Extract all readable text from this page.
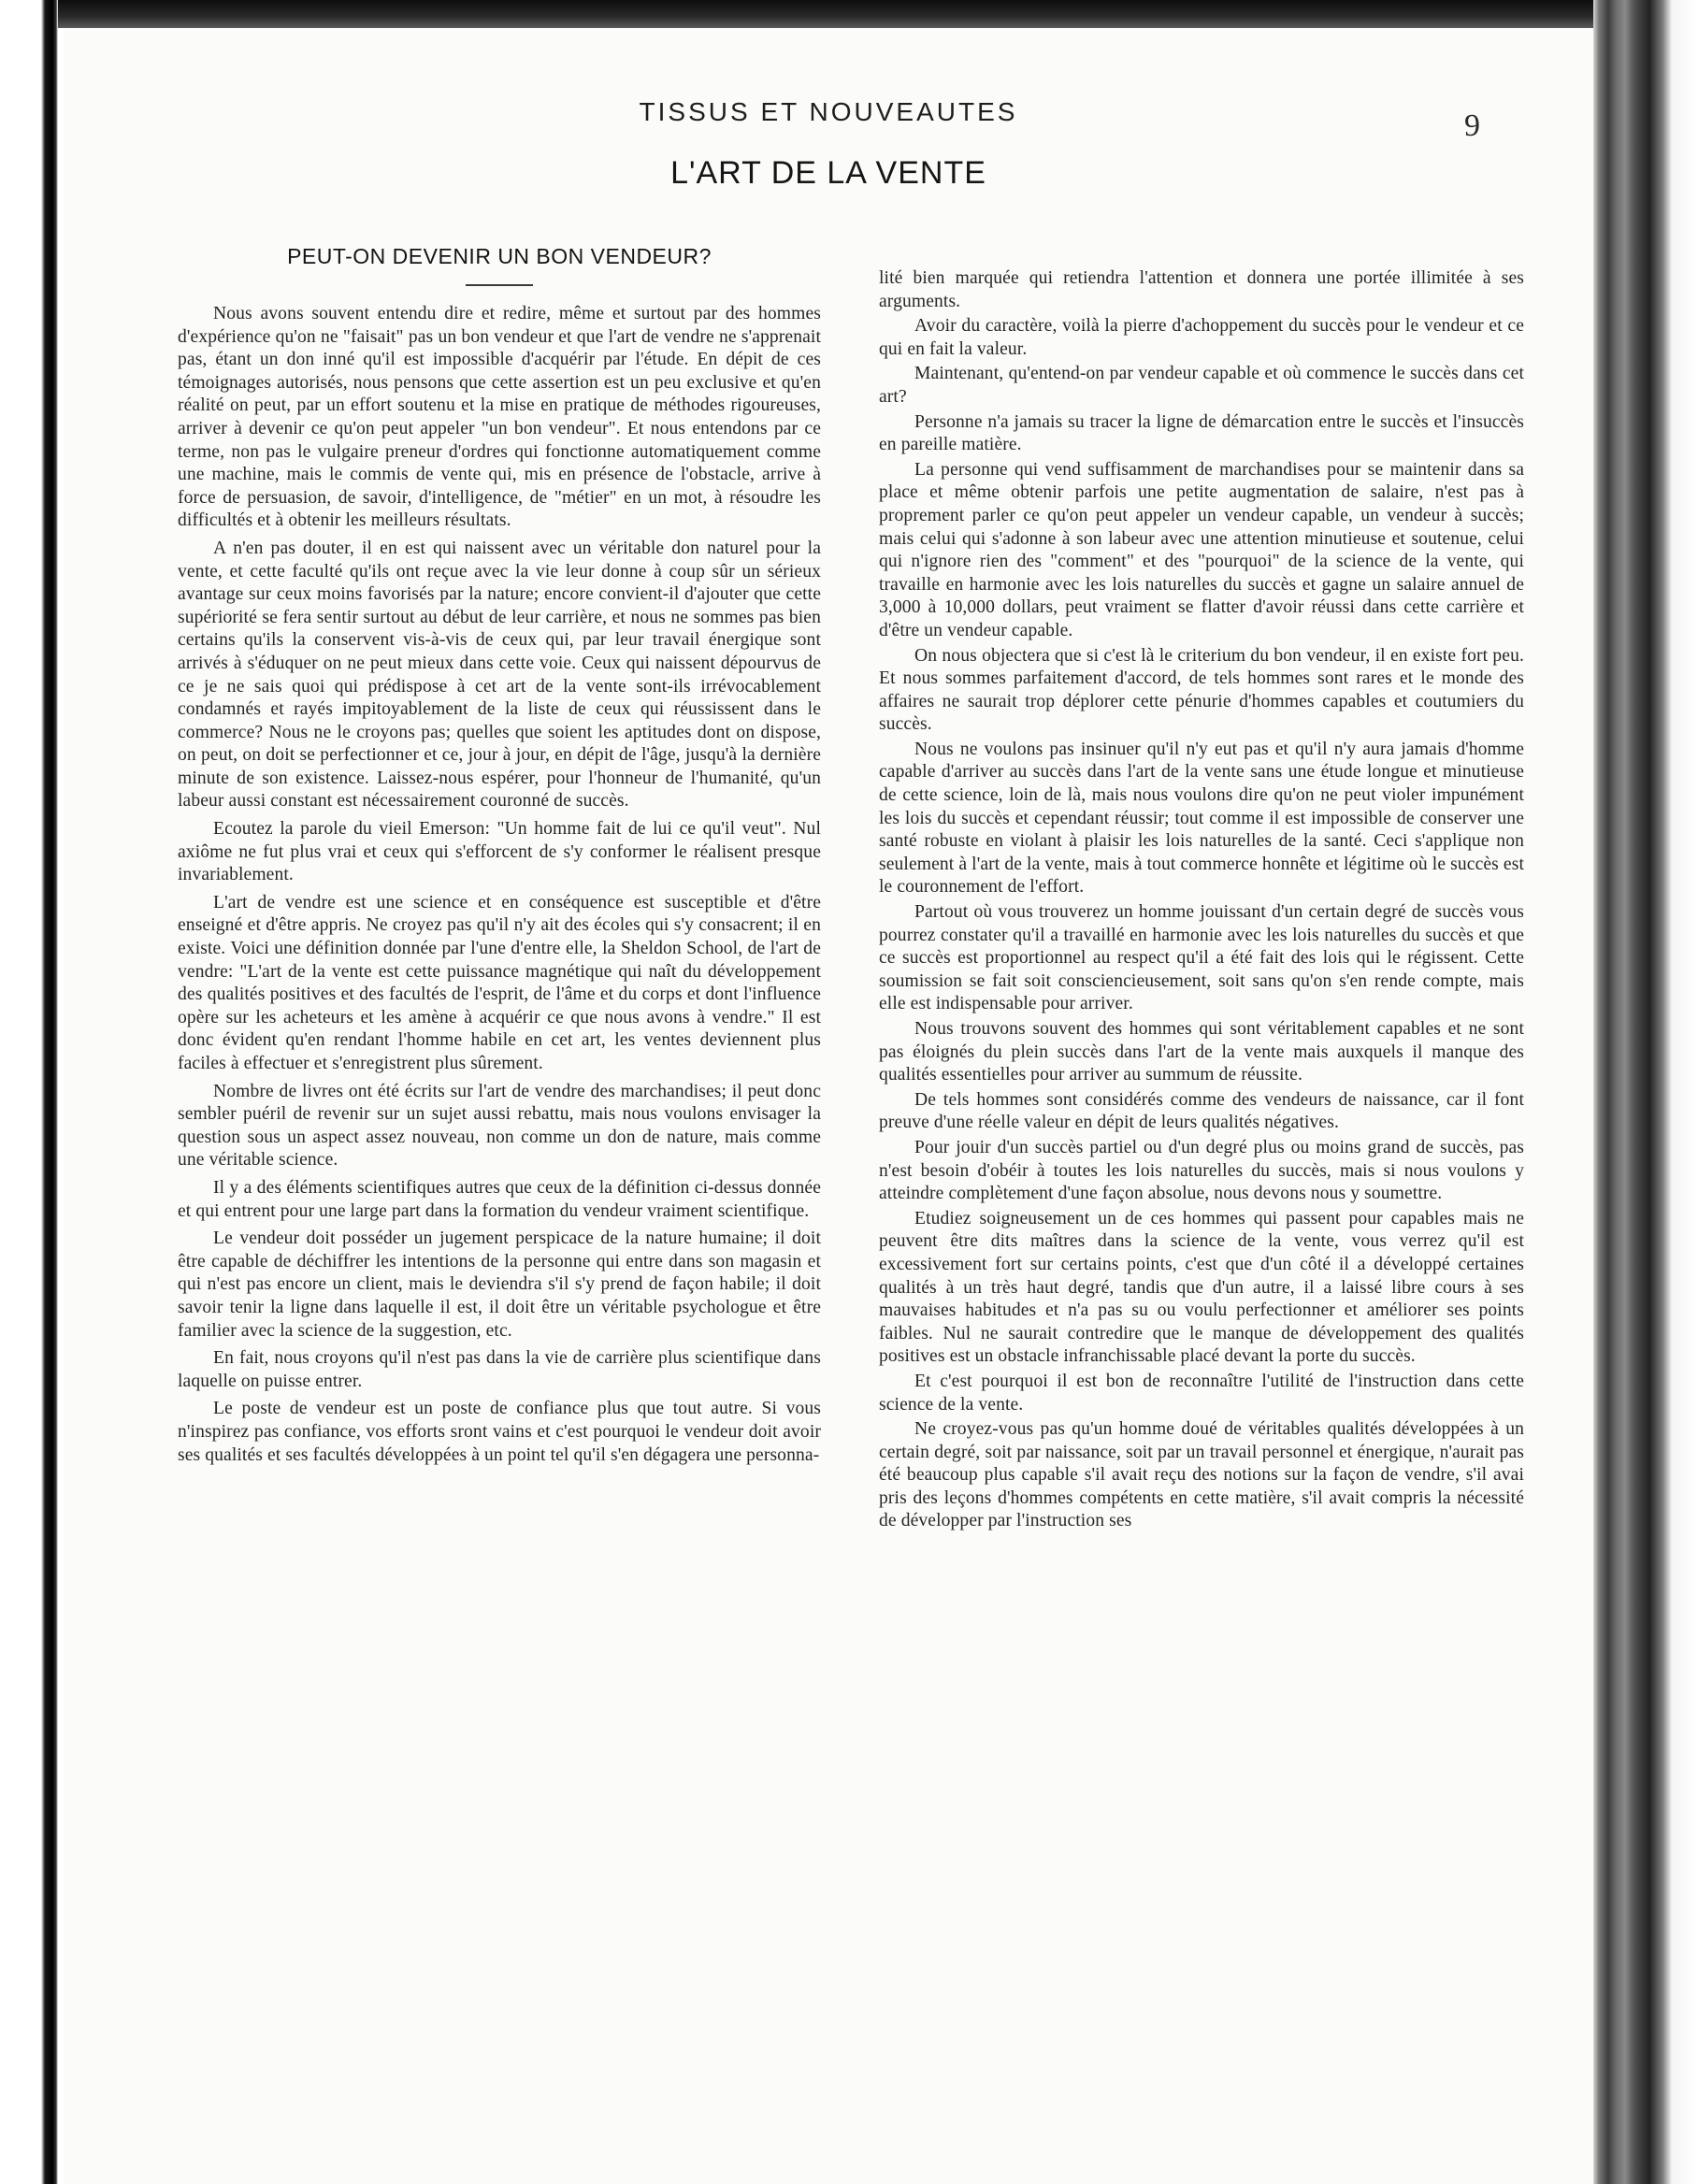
TISSUS ET NOUVEAUTES	9
L'ART DE LA VENTE
PEUT-ON DEVENIR UN BON VENDEUR?

Nous avons souvent entendu dire et redire, même et surtout par des hommes d'expérience qu'on ne "faisait" pas un bon vendeur et que l'art de vendre ne s'apprenait pas, étant un don inné qu'il est impossible d'acquérir par l'étude. En dépit de ces témoignages autorisés, nous pensons que cette assertion est un peu exclusive et qu'en réalité on peut, par un effort soutenu et la mise en pratique de méthodes rigoureuses, arriver à devenir ce qu'on peut appeler "un bon vendeur". Et nous entendons par ce terme, non pas le vulgaire preneur d'ordres qui fonctionne automatiquement comme une machine, mais le commis de vente qui, mis en présence de l'obstacle, arrive à force de persuasion, de savoir, d'intelligence, de "métier" en un mot, à résoudre les difficultés et à obtenir les meilleurs résultats.

A n'en pas douter, il en est qui naissent avec un véritable don naturel pour la vente, et cette faculté qu'ils ont reçue avec la vie leur donne à coup sûr un sérieux avantage sur ceux moins favorisés par la nature; encore convient-il d'ajouter que cette supériorité se fera sentir surtout au début de leur carrière, et nous ne sommes pas bien certains qu'ils la conservent vis-à-vis de ceux qui, par leur travail énergique sont arrivés à s'éduquer on ne peut mieux dans cette voie. Ceux qui naissent dépourvus de ce je ne sais quoi qui prédispose à cet art de la vente sont-ils irrévocablement condamnés et rayés impitoyablement de la liste de ceux qui réussissent dans le commerce? Nous ne le croyons pas; quelles que soient les aptitudes dont on dispose, on peut, on doit se perfectionner et ce, jour à jour, en dépit de l'âge, jusqu'à la dernière minute de son existence. Laissez-nous espérer, pour l'honneur de l'humanité, qu'un labeur aussi constant est nécessairement couronné de succès.

Ecoutez la parole du vieil Emerson: "Un homme fait de lui ce qu'il veut". Nul axiôme ne fut plus vrai et ceux qui s'efforcent de s'y conformer le réalisent presque invariablement.

L'art de vendre est une science et en conséquence est susceptible et d'être enseigné et d'être appris. Ne croyez pas qu'il n'y ait des écoles qui s'y consacrent; il en existe. Voici une définition donnée par l'une d'entre elle, la Sheldon School, de l'art de vendre: "L'art de la vente est cette puissance magnétique qui naît du développement des qualités positives et des facultés de l'esprit, de l'âme et du corps et dont l'influence opère sur les acheteurs et les amène à acquérir ce que nous avons à vendre." Il est donc évident qu'en rendant l'homme habile en cet art, les ventes deviennent plus faciles à effectuer et s'enregistrent plus sûrement.

Nombre de livres ont été écrits sur l'art de vendre des marchandises; il peut donc sembler puéril de revenir sur un sujet aussi rebattu, mais nous voulons envisager la question sous un aspect assez nouveau, non comme un don de nature, mais comme une véritable science.

Il y a des éléments scientifiques autres que ceux de la définition ci-dessus donnée et qui entrent pour une large part dans la formation du vendeur vraiment scientifique.

Le vendeur doit posséder un jugement perspicace de la nature humaine; il doit être capable de déchiffrer les intentions de la personne qui entre dans son magasin et qui n'est pas encore un client, mais le deviendra s'il s'y prend de façon habile; il doit savoir tenir la ligne dans laquelle il est, il doit être un véritable psychologue et être familier avec la science de la suggestion, etc.

En fait, nous croyons qu'il n'est pas dans la vie de carrière plus scientifique dans laquelle on puisse entrer.

Le poste de vendeur est un poste de confiance plus que tout autre. Si vous n'inspirez pas confiance, vos efforts sront vains et c'est pourquoi le vendeur doit avoir ses qualités et ses facultés développées à un point tel qu'il s'en dégagera une personna-

lité bien marquée qui retiendra l'attention et donnera une portée illimitée à ses arguments.

Avoir du caractère, voilà la pierre d'achoppement du succès pour le vendeur et ce qui en fait la valeur.

Maintenant, qu'entend-on par vendeur capable et où commence le succès dans cet art?

Personne n'a jamais su tracer la ligne de démarcation entre le succès et l'insuccès en pareille matière.

La personne qui vend suffisamment de marchandises pour se maintenir dans sa place et même obtenir parfois une petite augmentation de salaire, n'est pas à proprement parler ce qu'on peut appeler un vendeur capable, un vendeur à succès; mais celui qui s'adonne à son labeur avec une attention minutieuse et soutenue, celui qui n'ignore rien des "comment" et des "pourquoi" de la science de la vente, qui travaille en harmonie avec les lois naturelles du succès et gagne un salaire annuel de 3,000 à 10,000 dollars, peut vraiment se flatter d'avoir réussi dans cette carrière et d'être un vendeur capable.

On nous objectera que si c'est là le criterium du bon vendeur, il en existe fort peu. Et nous sommes parfaitement d'accord, de tels hommes sont rares et le monde des affaires ne saurait trop déplorer cette pénurie d'hommes capables et coutumiers du succès.

Nous ne voulons pas insinuer qu'il n'y eut pas et qu'il n'y aura jamais d'homme capable d'arriver au succès dans l'art de la vente sans une étude longue et minutieuse de cette science, loin de là, mais nous voulons dire qu'on ne peut violer impunément les lois du succès et cependant réussir; tout comme il est impossible de conserver une santé robuste en violant à plaisir les lois naturelles de la santé. Ceci s'applique non seulement à l'art de la vente, mais à tout commerce honnête et légitime où le succès est le couronnement de l'effort.

Partout où vous trouverez un homme jouissant d'un certain degré de succès vous pourrez constater qu'il a travaillé en harmonie avec les lois naturelles du succès et que ce succès est proportionnel au respect qu'il a été fait des lois qui le régissent. Cette soumission se fait soit consciencieusement, soit sans qu'on s'en rende compte, mais elle est indispensable pour arriver.

Nous trouvons souvent des hommes qui sont véritablement capables et ne sont pas éloignés du plein succès dans l'art de la vente mais auxquels il manque des qualités essentielles pour arriver au summum de réussite.

De tels hommes sont considérés comme des vendeurs de naissance, car il font preuve d'une réelle valeur en dépit de leurs qualités négatives.

Pour jouir d'un succès partiel ou d'un degré plus ou moins grand de succès, pas n'est besoin d'obéir à toutes les lois naturelles du succès, mais si nous voulons y atteindre complètement d'une façon absolue, nous devons nous y soumettre.

Etudiez soigneusement un de ces hommes qui passent pour capables mais ne peuvent être dits maîtres dans la science de la vente, vous verrez qu'il est excessivement fort sur certains points, c'est que d'un côté il a développé certaines qualités à un très haut degré, tandis que d'un autre, il a laissé libre cours à ses mauvaises habitudes et n'a pas su ou voulu perfectionner et améliorer ses points faibles. Nul ne saurait contredire que le manque de développement des qualités positives est un obstacle infranchissable placé devant la porte du succès.

Et c'est pourquoi il est bon de reconnaître l'utilité de l'instruction dans cette science de la vente.

Ne croyez-vous pas qu'un homme doué de véritables qualités développées à un certain degré, soit par naissance, soit par un travail personnel et énergique, n'aurait pas été beaucoup plus capable s'il avait reçu des notions sur la façon de vendre, s'il avai pris des leçons d'hommes compétents en cette matière, s'il avait compris la nécessité de développer par l'instruction ses
